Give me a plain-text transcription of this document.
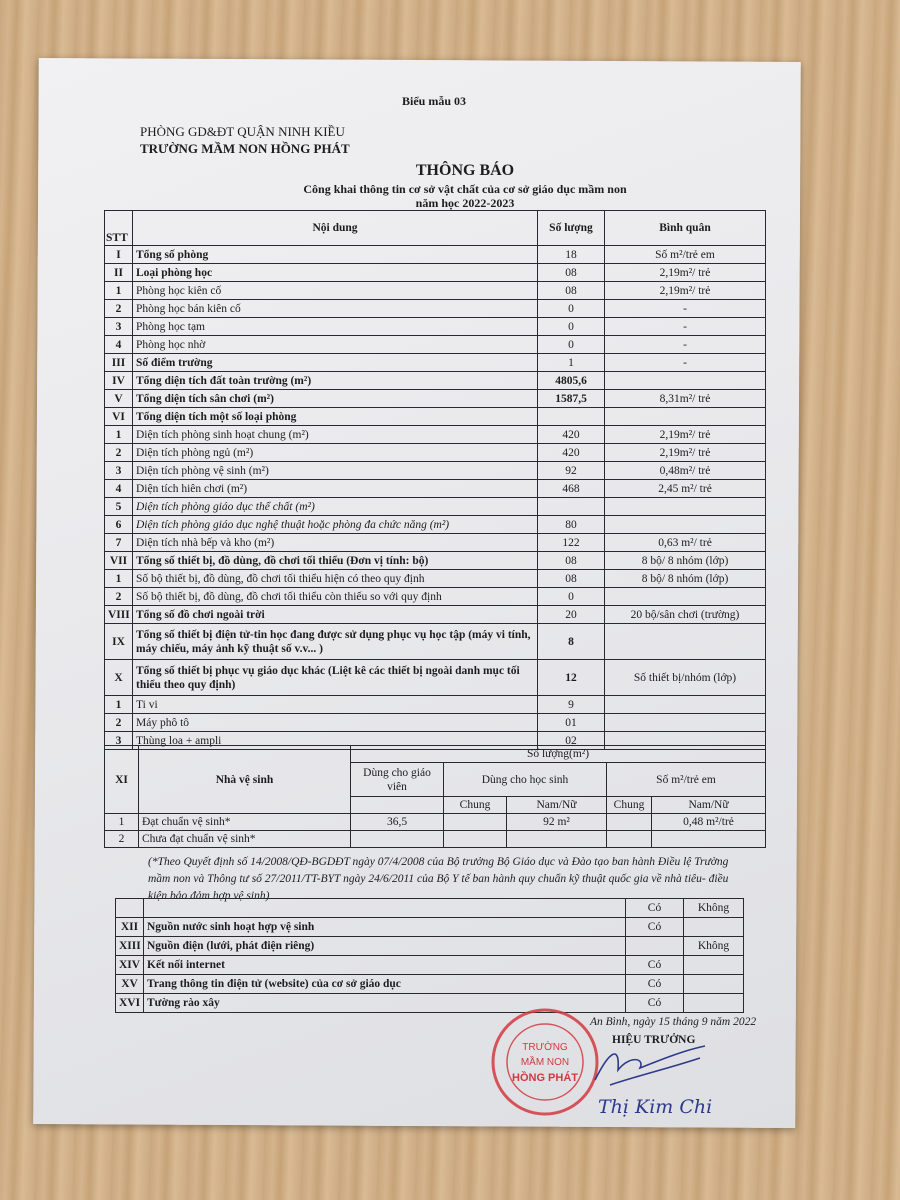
Biểu mẫu 03
PHÒNG GD&ĐT QUẬN NINH KIỀU
TRƯỜNG MẦM NON HỒNG PHÁT
THÔNG BÁO
Công khai thông tin cơ sở vật chất của cơ sở giáo dục mầm non
năm học 2022-2023
STT	Nội dung	Số lượng	Bình quân
I	Tổng số phòng	18	Số m²/trẻ em
II	Loại phòng học	08	2,19m²/ trẻ
1	Phòng học kiên cố	08	2,19m²/ trẻ
2	Phòng học bán kiên cố	0	-
3	Phòng học tạm	0	-
4	Phòng học nhờ	0	-
III	Số điểm trường	1	-
IV	Tổng diện tích đất toàn trường (m²)	4805,6	
V	Tổng diện tích sân chơi (m²)	1587,5	8,31m²/ trẻ
VI	Tổng diện tích một số loại phòng		
1	Diện tích phòng sinh hoạt chung (m²)	420	2,19m²/ trẻ
2	Diện tích phòng ngủ (m²)	420	2,19m²/ trẻ
3	Diện tích phòng vệ sinh (m²)	92	0,48m²/ trẻ
4	Diện tích hiên chơi (m²)	468	2,45 m²/ trẻ
5	Diện tích phòng giáo dục thể chất (m²)		
6	Diện tích phòng giáo dục nghệ thuật hoặc phòng đa chức năng (m²)	80	
7	Diện tích nhà bếp và kho (m²)	122	0,63 m²/ trẻ
VII	Tổng số thiết bị, đồ dùng, đồ chơi tối thiểu (Đơn vị tính: bộ)	08	8 bộ/ 8 nhóm (lớp)
1	Số bộ thiết bị, đồ dùng, đồ chơi tối thiểu hiện có theo quy định	08	8 bộ/ 8 nhóm (lớp)
2	Số bộ thiết bị, đồ dùng, đồ chơi tối thiểu còn thiếu so với quy định	0	
VIII	Tổng số đồ chơi ngoài trời	20	20 bộ/sân chơi (trường)
IX	Tổng số thiết bị điện tử-tin học đang được sử dụng phục vụ học tập (máy vi tính, máy chiếu, máy ảnh kỹ thuật số v.v... )	8	
X	Tổng số thiết bị phục vụ giáo dục khác (Liệt kê các thiết bị ngoài danh mục tối thiểu theo quy định)	12	Số thiết bị/nhóm (lớp)
1	Ti vi	9	
2	Máy phô tô	01	
3	Thùng loa + ampli	02	
XI	Nhà vệ sinh	Số lượng(m²)				
		Dùng cho giáo viên	Dùng cho học sinh		Số m²/trẻ em	
			Chung	Nam/Nữ	Chung	Nam/Nữ
1	Đạt chuẩn vệ sinh*	36,5		92 m²		0,48 m²/trẻ
2	Chưa đạt chuẩn vệ sinh*					
(*Theo Quyết định số 14/2008/QĐ-BGDĐT ngày 07/4/2008 của Bộ trưởng Bộ Giáo dục và Đào tạo ban hành Điều lệ Trường mầm non và Thông tư số 27/2011/TT-BYT ngày 24/6/2011 của Bộ Y tế ban hành quy chuẩn kỹ thuật quốc gia về nhà tiêu- điều kiện bảo đảm hợp vệ sinh)
		Có	Không
XII	Nguồn nước sinh hoạt hợp vệ sinh	Có	
XIII	Nguồn điện (lưới, phát điện riêng)		Không
XIV	Kết nối internet	Có	
XV	Trang thông tin điện tử (website) của cơ sở giáo dục	Có	
XVI	Tường rào xây	Có	
An Bình, ngày 15 tháng 9 năm 2022
HIỆU TRƯỞNG
TRƯỜNG
MẦM NON
HỒNG PHÁT
Thị Kim Chi
